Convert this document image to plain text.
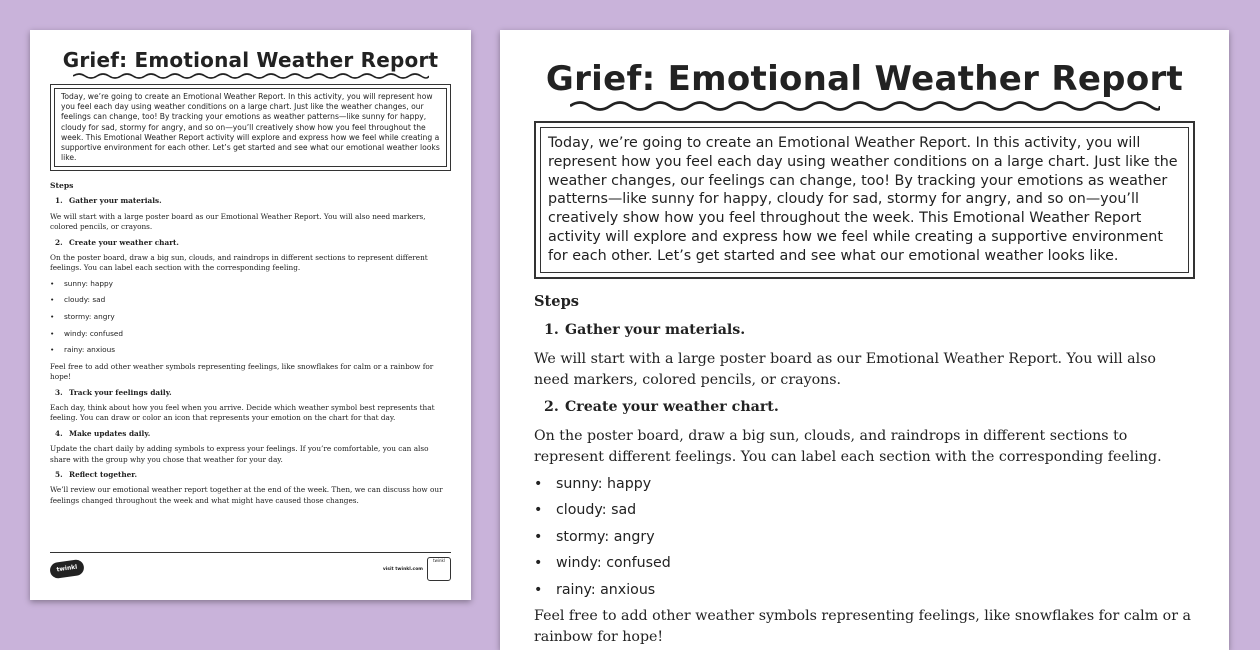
Grief: Emotional Weather Report
Today, we’re going to create an Emotional Weather Report. In this activity, you will represent how you feel each day using weather conditions on a large chart. Just like the weather changes, our feelings can change, too! By tracking your emotions as weather patterns—like sunny for happy, cloudy for sad, stormy for angry, and so on—you’ll creatively show how you feel throughout the week. This Emotional Weather Report activity will explore and express how we feel while creating a supportive environment for each other. Let’s get started and see what our emotional weather looks like.
Steps
1. Gather your materials.

We will start with a large poster board as our Emotional Weather Report. You will also need markers, colored pencils, or crayons.

2. Create your weather chart.

On the poster board, draw a big sun, clouds, and raindrops in different sections to represent different feelings. You can label each section with the corresponding feeling.

• sunny: happy
• cloudy: sad
• stormy: angry
• windy: confused
• rainy: anxious

Feel free to add other weather symbols representing feelings, like snowflakes for calm or a rainbow for hope!

3. Track your feelings daily.

Each day, think about how you feel when you arrive. Decide which weather symbol best represents that feeling. You can draw or color an icon that represents your emotion on the chart for that day.

4. Make updates daily.

Update the chart daily by adding symbols to express your feelings. If you’re comfortable, you can also share with the group why you chose that weather for your day.

5. Reflect together.

We’ll review our emotional weather report together at the end of the week. Then, we can discuss how our feelings changed throughout the week and what might have caused those changes.

twinkl	visit twinkl.com
twinkl
Grief: Emotional Weather Report
Today, we’re going to create an Emotional Weather Report. In this activity, you will represent how you feel each day using weather conditions on a large chart. Just like the weather changes, our feelings can change, too! By tracking your emotions as weather patterns—like sunny for happy, cloudy for sad, stormy for angry, and so on—you’ll creatively show how you feel throughout the week. This Emotional Weather Report activity will explore and express how we feel while creating a supportive environment for each other. Let’s get started and see what our emotional weather looks like.
Steps
1. Gather your materials.

We will start with a large poster board as our Emotional Weather Report. You will also need markers, colored pencils, or crayons.

2. Create your weather chart.

On the poster board, draw a big sun, clouds, and raindrops in different sections to represent different feelings. You can label each section with the corresponding feeling.

• sunny: happy
• cloudy: sad
• stormy: angry
• windy: confused
• rainy: anxious

Feel free to add other weather symbols representing feelings, like snowflakes for calm or a rainbow for hope!
